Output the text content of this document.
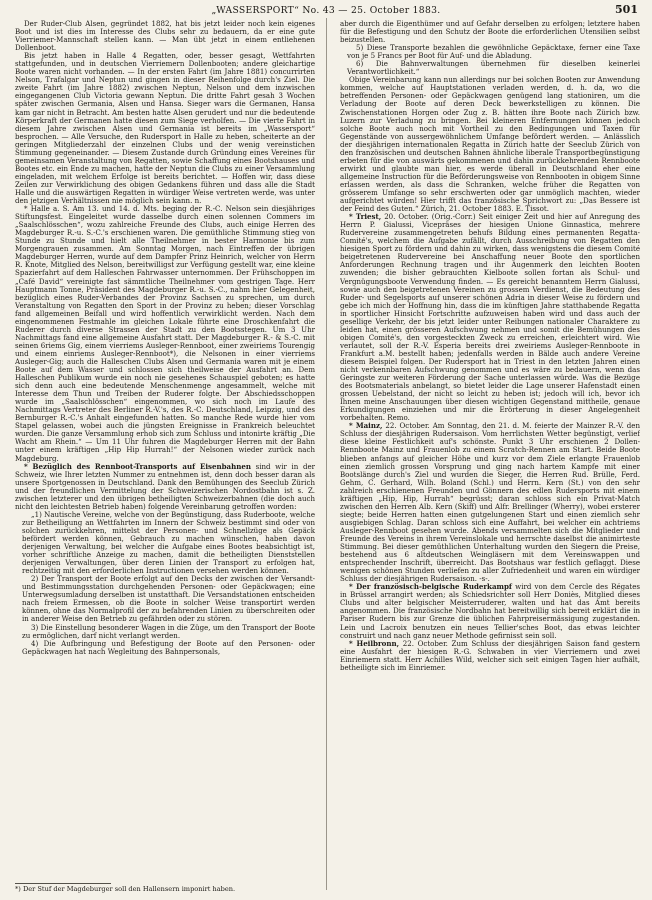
„WASSERSPORT“ No. 43 — 25. October 1883.	501

Der Ruder-Club Alsen, gegründet 1882, hat bis jetzt leider noch kein eigenes Boot und ist dies im Interesse des Clubs sehr zu bedauern, da er eine gute Vierriemer-Mannschaft stellen kann. — Man übt jetzt in einem entliehenen Dollenboot.

Bis jetzt haben in Halle 4 Regatten, oder, besser gesagt, Wettfahrten stattgefunden, und in deutschen Vierriemern Dollenbooten; andere gleichartige Boote waren nicht vorhanden. — In der ersten Fahrt (im Jahre 1881) concurrirten Nelson, Trafalgar und Neptun und gingen in dieser Reihenfolge durch's Ziel. Die zweite Fahrt (im Jahre 1882) zwischen Neptun, Nelson und dem inzwischen eingegangenen Club Victoria gewann Neptun. Die dritte Fahrt gesah 3 Wochen später zwischen Germania, Alsen und Hansa. Sieger wars die Germanen, Hansa kam gar nicht in Betracht. Am besten hatte Alsen gerudert und nur die bedeutende Körperkraft der Germanen hatte diesen zum Siege verholfen. — Die vierte Fahrt in diesem Jahre zwischen Alsen und Germania ist bereits im „Wassersport“ besprochen. — Alle Versuche, den Rudersport in Halle zu heben, scheiterte an der geringen Mitgliederzahl der einzelnen Clubs und der wenig vereinstichen Stimmung gegeneinander. — Diesem Zustande durch Gründung eines Vereines für gemeinsamen Veranstaltung von Regatten, sowie Schaffung eines Bootshauses und Bootes etc. ein Ende zu machen, hatte der Neptun die Clubs zu einer Versammlung eingeladen, mit welchem Erfolge ist bereits berichtet. — Hoffen wir, dass diese Zeilen zur Verwirklichung des obigen Gedankens führen und dass alle die Stadt Halle und die auswärtigen Regatten in würdiger Weise vertreten werde, was unter den jetzigen Verhältnissen nie möglich sein kann. n.

* Halle a. S. Am 13. und 14. d. Mts. beging der R.-C. Nelson sein diesjähriges Stiftungsfest. Eingeleitet wurde dasselbe durch einen solennen Commers im „Saalschlösschen“, wozu zahlreiche Freunde des Clubs, auch einige Herren des Magdeburger R.-u. S.-C.'s erschienen waren. Die gemüthliche Stimmung stieg von Stunde zu Stunde und hielt alle Theilnehmer in bester Harmonie bis zum Morgengrauen zusammen. Am Sonntag Morgen, nach Eintreffen der übrigen Magdeburger Herren, wurde auf dem Dampfer Prinz Heinrich, welcher von Herrn R. Knote, Mitglied des Nelson, bereitwilligst zur Verfügung gestellt war, eine kleine Spazierfahrt auf dem Halleschen Fahrwasser unternommen. Der Frühschoppen im „Café David“ vereinigte fast sämmtliche Theilnehmer vom gestrigen Tage. Herr Hauptmann Tonne, Präsident des Magdeburger R.-u. S.-C., nahm hier Gelegenheit, bezüglich eines Ruder-Verbandes der Provinz Sachsen zu sprechen, um durch Veranstaltung von Regatten den Sport in der Provinz zu heben; dieser Vorschlag fand allgemeinen Beifall und wird hoffentlich verwirklicht werden. Nach dem eingenommenen Festmahle im gleichen Lokale führte eine Droschkenfahrt die Ruderer durch diverse Strassen der Stadt zu den Bootsstegen. Um 3 Uhr Nachmittags fand eine allgemeine Ausfahrt statt. Der Magdeburger R.- & S.-C. mit seinen 6riems Gig, einem vierriems Ausleger-Rennboot, einer zweiriems Tourengig und einem einriems Ausleger-Rennboot*), die Nelsonen in einer vierriems Ausleger-Gig; auch die Halleschen Clubs Alsen und Germania waren mit je einem Boote auf dem Wasser und schlossen sich theilweise der Ausfahrt an. Dem Halleschen Publikum wurde ein noch nie gesehenes Schauspiel geboten; es hatte sich denn auch eine bedeutende Menschenmenge angesammelt, welche mit Interesse dem Thun und Treiben der Ruderer folgte. Der Abschiedsschoppen wurde im „Saalschlösschen“ eingenommen, wo sich noch im Laufe des Nachmittags Vertreter des Berliner R.-V.'s, des R.-C. Deutschland, Leipzig, und des Bernburger R.-C.'s Anhalt eingefunden hatten. So manche Rede wurde hier vom Stapel gelassen, wobei auch die jüngsten Ereignisse in Frankreich beleuchtet wurden. Die ganze Versammlung erhob sich zum Schluss und intonirte kräftig „Die Wacht am Rhein.“ — Um 11 Uhr fuhren die Magdeburger Herren mit der Bahn unter einem kräftigen „Hip Hip Hurrah!“ der Nelsonen wieder zurück nach Magdeburg.

* Bezüglich des Rennboot-Transports auf Eisenbahnen sind wir in der Schweiz, wie Ihrer letzten Nummer zu entnehmen ist, denn doch besser daran als unsere Sportgenossen in Deutschland. Dank den Bemühungen des Seeclub Zürich und der freundlichen Vermittelung der Schweizerischen Nordostbahn ist s. Z. zwischen letzterer und den übrigen betheiligten Schweizerbahnen (die doch auch nicht den leichtesten Betrieb haben) folgende Vereinbarung getroffen worden:

„1) Nautische Vereine, welche von der Begünstigung, dass Ruderboote, welche zur Betheiligung an Wettfahrten im Innern der Schweiz bestimmt sind oder von solchen zurückkehren, mittelst der Personen- und Schnellzüge als Gepäck befördert werden können, Gebrauch zu machen wünschen, haben davon derjenigen Verwaltung, bei welcher die Aufgabe eines Bootes beabsichtigt ist, vorher schriftliche Anzeige zu machen, damit die betheiligten Dienststellen derjenigen Verwaltungen, über deren Linien der Transport zu erfolgen hat, rechtzeitig mit den erforderlichen Instructionen versehen werden können.

2) Der Transport der Boote erfolgt auf den Decks der zwischen der Versandt- und Bestimmungsstation durchgehenden Personen- oder Gepäckwagen; eine Unterwegsumladung derselben ist unstatthaft. Die Versandstationen entscheiden nach freiem Ermessen, ob die Boote in solcher Weise transportirt werden können, ohne das Normalprofil der zu befahrenden Linien zu überschreiten oder in anderer Weise den Betrieb zu gefährden oder zu stören.

3) Die Einstellung besonderer Wagen in die Züge, um den Transport der Boote zu ermöglichen, darf nicht verlangt werden.

4) Die Aufbringung und Befestigung der Boote auf den Personen- oder Gepäckwagen hat nach Wegleitung des Bahnpersonals,

aber durch die Eigenthümer und auf Gefahr derselben zu erfolgen; letztere haben für die Befestigung und den Schutz der Boote die erforderlichen Utensilien selbst beizustellen.

5) Diese Transporte bezahlen die gewöhnliche Gepäcktaxe, ferner eine Taxe von je 5 Francs per Boot für Auf- und die Abladung.

6) Die Bahnverwaltungen übernehmen für dieselben keinerlei Verantwortlichkeit.“

Obige Vereinbarung kann nun allerdings nur bei solchen Booten zur Anwendung kommen, welche auf Hauptstationen verladen werden, d. h. da, wo die betreffenden Personen- oder Gepäckwagen genügend lang stationiren, um die Verladung der Boote auf deren Deck bewerkstelligen zu können. Die Zwischenstationen Horgen oder Zug z. B. hätten ihre Boote nach Zürich bzw. Luzern zur Verladung zu bringen. Bei kleineren Entfernungen können jedoch solche Boote auch noch mit Vortheil zu den Bedingungen und Taxen für Gegenstände von aussergewöhnlichem Umfange befördert werden. — Anlässlich der diesjährigen internationalen Regatta in Zürich hatte der Seeclub Zürich von den französischen und deutschen Bahnen ähnliche liberale Transportbegünstigung erbeten für die von auswärts gekommenen und dahin zurückkehrenden Rennboote erwirkt und glaubte man hier, es werde überall in Deutschland eher eine allgemeine Instruction für die Beförderungsweise von Rennbooten in obigem Sinne erlassen werden, als dass die Schranken, welche früher die Regatten von grösserem Umfange so sehr erschwerten oder gar unmöglich machten, wieder aufgerichtet würden! Hier trifft das französische Sprichwort zu: „Das Bessere ist der Feind des Guten.“ Zürich, 21. October 1883. E. Tissot.

* Triest, 20. October. (Orig.-Corr.) Seit einiger Zeit und hier auf Anregung des Herrn P. Gialussi, Vicepräses der hiesigen Unione Ginnastica, mehrere Rudervereine zusammengetreten behufs Bildung eines permanenten Regatta-Comité's, welchem die Aufgabe zufällt, durch Ausschreibung von Regatten den hiesigen Sport zu fördern und dahin zu wirken, dass wenigstens die diesem Comité beigetretenen Rudervereine bei Anschaffung neuer Boote den sportlichen Anforderungen Rechnung tragen und ihr Augenmerk den leichten Booten zuwenden; die bisher gebrauchten Kielboote sollen fortan als Schul- und Vergnügungsboote Verwendung finden. — Es gereicht benanntem Herrn Gialussi, sowie auch den beigetretenen Vereinen zu grossem Verdienst, die Bedeutung des Ruder- und Segelsports auf unserer schönen Adria in dieser Weise zu fördern und gebe ich mich der Hoffnung hin, dass die im künftigen Jahre statthabende Regatta in sportlicher Hinsicht Fortschritte aufzuweisen haben wird und dass auch der gesellige Verkehr, der bis jetzt leider unter Reibungen nationaler Charaktere zu leiden hat, einen grösseren Aufschwung nehmen und somit die Bemühungen des obigen Comité's, den vorgesteckten Zweck zu erreichen, erleichtert wird. Wie verlautet, soll der R.-V. Esperia bereits drei zweiriems Ausleger-Rennboote in Frankfurt a.M. bestellt haben; jedenfalls werden in Bälde auch andere Vereine diesem Beispiel folgen. Der Rudersport hat in Triest in den letzten Jahren einen nicht verkennbaren Aufschwung genommen und es wäre zu bedauern, wenn das Geringste zur weiteren Förderung der Sache unterlassen würde. Was die Bezüge des Bootsmaterials anbelangt, so bietet leider die Lage unserer Hafenstadt einen grossen Uebelstand, der nicht so leicht zu heben ist; jedoch will ich, bevor ich Ihnen meine Anschauungen über diesen wichtigen Gegenstand mittheile, genaue Erkundigungen einziehen und mir die Erörterung in dieser Angelegenheit vorbehalten. Remo.

* Mainz, 22. October. Am Sonntag, den 21. d. M. feierte der Mainzer R.-V. den Schluss der diesjährigen Rudersaison. Vom herrlichsten Wetter begünstigt, verlief diese kleine Festlichkeit auf's schönste. Punkt 3 Uhr erschienen 2 Dollen-Rennboote Mainz und Frauenlob zu einem Scratch-Rennen am Start. Beide Boote blieben anfangs auf gleicher Höhe und kurz vor dem Ziele erlangte Frauenlob einen ziemlich grossen Vorsprung und ging nach hartem Kampfe mit einer Bootslänge durch's Ziel und wurden die Sieger, die Herren Rud. Brülle, Ferd. Gehm, C. Gerhard, Wilh. Boland (Schl.) und Herrn. Kern (St.) von den sehr zahlreich erschienenen Freunden und Gönnern des edlen Rudersports mit einem kräftigen „Hip, Hip, Hurrah“ begrüsst; daran schloss sich ein Privat-Match zwischen den Herren Alb. Kern (Skiff) und Alfr. Brellinger (Wherry), wobei ersterer siegte; beide Herren hatten einen gutgelungenen Start und einen ziemlich sehr ausgiebigen Schlag. Daran schloss sich eine Auffahrt, bei welcher ein achtriems Ausleger-Rennboot gesehen wurde. Abends versammelten sich die Mitglieder und Freunde des Vereins in ihrem Vereinslokale und herrschte daselbst die animirteste Stimmung. Bei dieser gemüthlichen Unterhaltung wurden den Siegern die Preise, bestehend aus 6 altdeutschen Weingläsern mit dem Vereinswappen und entsprechender Inschrift, überreicht. Das Bootshaus war festlich geflaggt. Diese wenigen schönen Stunden verliefen zu aller Zufriedenheit und waren ein würdiger Schluss der diesjährigen Rudersaison. -s-.

* Der französisch-belgische Ruderkampf wird von dem Cercle des Régates in Brüssel arrangirt werden; als Schiedsrichter soll Herr Doniès, Mitglied dieses Clubs und alter belgischer Meisterruderer, walten und hat das Amt bereits angenommen. Die französische Nordbahn hat bereitwillig sich bereit erklärt die in Pariser Rudern bis zur Grenze die üblichen Fahrpreisermässigung zugestanden. Lein und Lacroix benutzen ein neues Tellier'sches Boot, das etwas leichter construirt und nach ganz neuer Methode gefirnisst sein soll.

* Heilbronn, 22. October. Zum Schluss der diesjährigen Saison fand gestern eine Ausfahrt der hiesigen R.-G. Schwaben in vier Vierriemern und zwei Einriemern statt. Herr Achilles Wild, welcher sich seit einigen Tagen hier aufhält, betheiligte sich im Einriemer.

*) Der Stuf der Magdeburger soll den Hallensern imponirt haben.
